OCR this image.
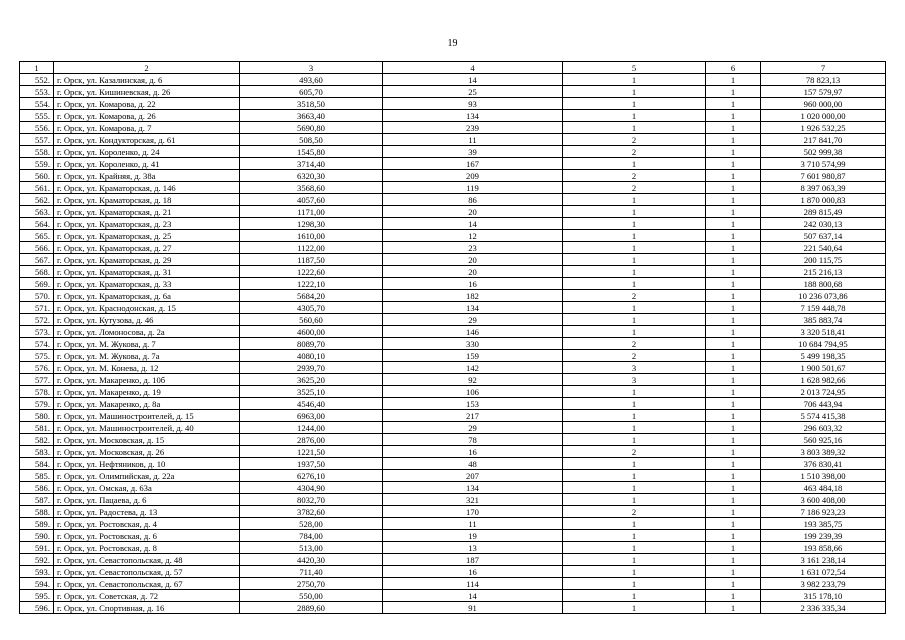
19
1	2	3	4	5	6	7
552.	г. Орск, ул. Казалинская, д. 6	493,60	14	1	1	78 823,13
553.	г. Орск, ул. Кишиневская, д. 26	605,70	25	1	1	157 579,97
554.	г. Орск, ул. Комарова, д. 22	3518,50	93	1	1	960 000,00
555.	г. Орск, ул. Комарова, д. 26	3663,40	134	1	1	1 020 000,00
556.	г. Орск, ул. Комарова, д. 7	5690,80	239	1	1	1 926 532,25
557.	г. Орск, ул. Кондукторская, д. 61	508,50	11	2	1	217 841,70
558.	г. Орск, ул. Короленко, д. 24	1545,80	39	2	1	502 999,38
559.	г. Орск, ул. Короленко, д. 41	3714,40	167	1	1	3 710 574,99
560.	г. Орск, ул. Крайняя, д. 38а	6320,30	209	2	1	7 601 980,87
561.	г. Орск, ул. Краматорская, д. 146	3568,60	119	2	1	8 397 063,39
562.	г. Орск, ул. Краматорская, д. 18	4057,60	86	1	1	1 870 000,83
563.	г. Орск, ул. Краматорская, д. 21	1171,00	20	1	1	289 815,49
564.	г. Орск, ул. Краматорская, д. 23	1298,30	14	1	1	242 030,13
565.	г. Орск, ул. Краматорская, д. 25	1610,00	12	1	1	507 637,14
566.	г. Орск, ул. Краматорская, д. 27	1122,00	23	1	1	221 540,64
567.	г. Орск, ул. Краматорская, д. 29	1187,50	20	1	1	200 115,75
568.	г. Орск, ул. Краматорская, д. 31	1222,60	20	1	1	215 216,13
569.	г. Орск, ул. Краматорская, д. 33	1222,10	16	1	1	188 800,68
570.	г. Орск, ул. Краматорская, д. 6а	5684,20	182	2	1	10 236 073,86
571.	г. Орск, ул. Краснодонская, д. 15	4305,70	134	1	1	7 159 448,78
572.	г. Орск, ул. Кутузова, д. 46	560,60	29	1	1	385 883,74
573.	г. Орск, ул. Ломоносова, д. 2а	4600,00	146	1	1	3 320 518,41
574.	г. Орск, ул. М. Жукова, д. 7	8089,70	330	2	1	10 684 794,95
575.	г. Орск, ул. М. Жукова, д. 7а	4080,10	159	2	1	5 499 198,35
576.	г. Орск, ул. М. Конева, д. 12	2939,70	142	3	1	1 900 501,67
577.	г. Орск, ул. Макаренко, д. 10б	3625,20	92	3	1	1 628 982,66
578.	г. Орск, ул. Макаренко, д. 19	3525,10	106	1	1	2 013 724,95
579.	г. Орск, ул. Макаренко, д. 8а	4546,40	153	1	1	706 443,94
580.	г. Орск, ул. Машиностроителей, д. 15	6963,00	217	1	1	5 574 415,38
581.	г. Орск, ул. Машиностроителей, д. 40	1244,00	29	1	1	296 603,32
582.	г. Орск, ул. Московская, д. 15	2876,00	78	1	1	560 925,16
583.	г. Орск, ул. Московская, д. 26	1221,50	16	2	1	3 803 389,32
584.	г. Орск, ул. Нефтяников, д. 10	1937,50	48	1	1	376 830,41
585.	г. Орск, ул. Олимпийская, д. 22а	6276,10	207	1	1	1 510 398,00
586.	г. Орск, ул. Омская, д. 63а	4304,90	134	1	1	463 484,18
587.	г. Орск, ул. Пацаева, д. 6	8032,70	321	1	1	3 600 408,00
588.	г. Орск, ул. Радостева, д. 13	3782,60	170	2	1	7 186 923,23
589.	г. Орск, ул. Ростовская, д. 4	528,00	11	1	1	193 385,75
590.	г. Орск, ул. Ростовская, д. 6	784,00	19	1	1	199 239,39
591.	г. Орск, ул. Ростовская, д. 8	513,00	13	1	1	193 858,66
592.	г. Орск, ул. Севастопольская, д. 48	4420,30	187	1	1	3 161 238,14
593.	г. Орск, ул. Севастопольская, д. 57	711,40	16	1	1	1 631 072,54
594.	г. Орск, ул. Севастопольская, д. 67	2750,70	114	1	1	3 982 233,79
595.	г. Орск, ул. Советская, д. 72	550,00	14	1	1	315 178,10
596.	г. Орск, ул. Спортивная, д. 16	2889,60	91	1	1	2 336 335,34
